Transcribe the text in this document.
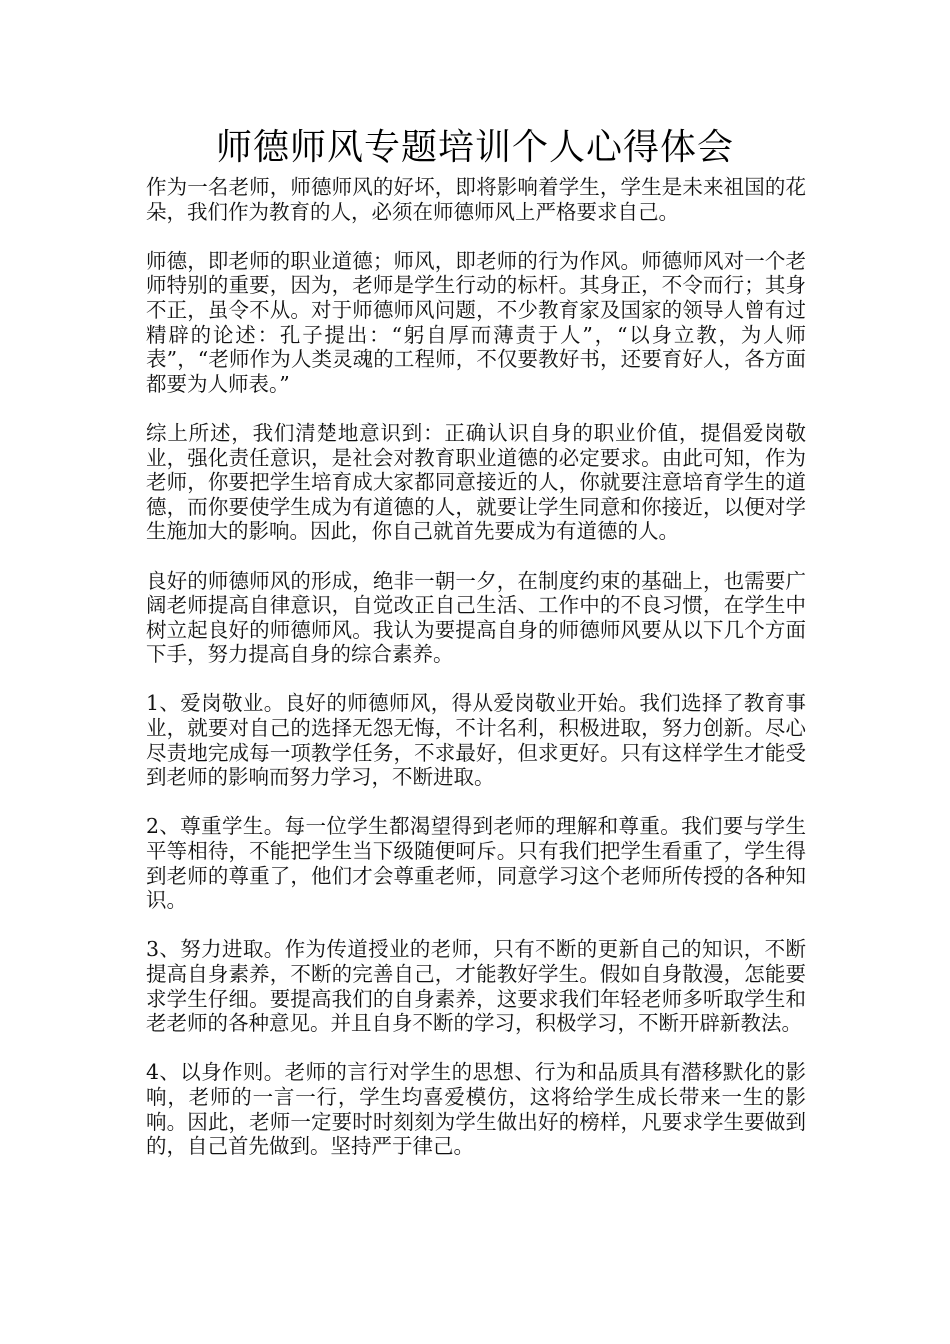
师德师风专题培训个人心得体会

作为一名老师，师德师风的好坏，即将影响着学生，学生是未来祖国的花朵，我们作为教育的人，必须在师德师风上严格要求自己。

师德，即老师的职业道德；师风，即老师的行为作风。师德师风对一个老师特别的重要，因为，老师是学生行动的标杆。其身正，不令而行；其身不正，虽令不从。对于师德师风问题，不少教育家及国家的领导人曾有过精辟的论述：孔子提出：“躬自厚而薄责于人”，“以身立教，为人师表”，“老师作为人类灵魂的工程师，不仅要教好书，还要育好人，各方面都要为人师表。”

综上所述，我们清楚地意识到：正确认识自身的职业价值，提倡爱岗敬业，强化责任意识，是社会对教育职业道德的必定要求。由此可知，作为老师，你要把学生培育成大家都同意接近的人，你就要注意培育学生的道德，而你要使学生成为有道德的人，就要让学生同意和你接近，以便对学生施加大的影响。因此，你自己就首先要成为有道德的人。

良好的师德师风的形成，绝非一朝一夕，在制度约束的基础上，也需要广阔老师提高自律意识，自觉改正自己生活、工作中的不良习惯，在学生中树立起良好的师德师风。我认为要提高自身的师德师风要从以下几个方面下手，努力提高自身的综合素养。

1、爱岗敬业。良好的师德师风，得从爱岗敬业开始。我们选择了教育事业，就要对自己的选择无怨无悔，不计名利，积极进取，努力创新。尽心尽责地完成每一项教学任务，不求最好，但求更好。只有这样学生才能受到老师的影响而努力学习，不断进取。

2、尊重学生。每一位学生都渴望得到老师的理解和尊重。我们要与学生平等相待，不能把学生当下级随便呵斥。只有我们把学生看重了，学生得到老师的尊重了，他们才会尊重老师，同意学习这个老师所传授的各种知识。

3、努力进取。作为传道授业的老师，只有不断的更新自己的知识，不断提高自身素养，不断的完善自己，才能教好学生。假如自身散漫，怎能要求学生仔细。要提高我们的自身素养，这要求我们年轻老师多听取学生和老老师的各种意见。并且自身不断的学习，积极学习，不断开辟新教法。

4、以身作则。老师的言行对学生的思想、行为和品质具有潜移默化的影响，老师的一言一行，学生均喜爱模仿，这将给学生成长带来一生的影响。因此，老师一定要时时刻刻为学生做出好的榜样，凡要求学生要做到的，自己首先做到。坚持严于律己。
